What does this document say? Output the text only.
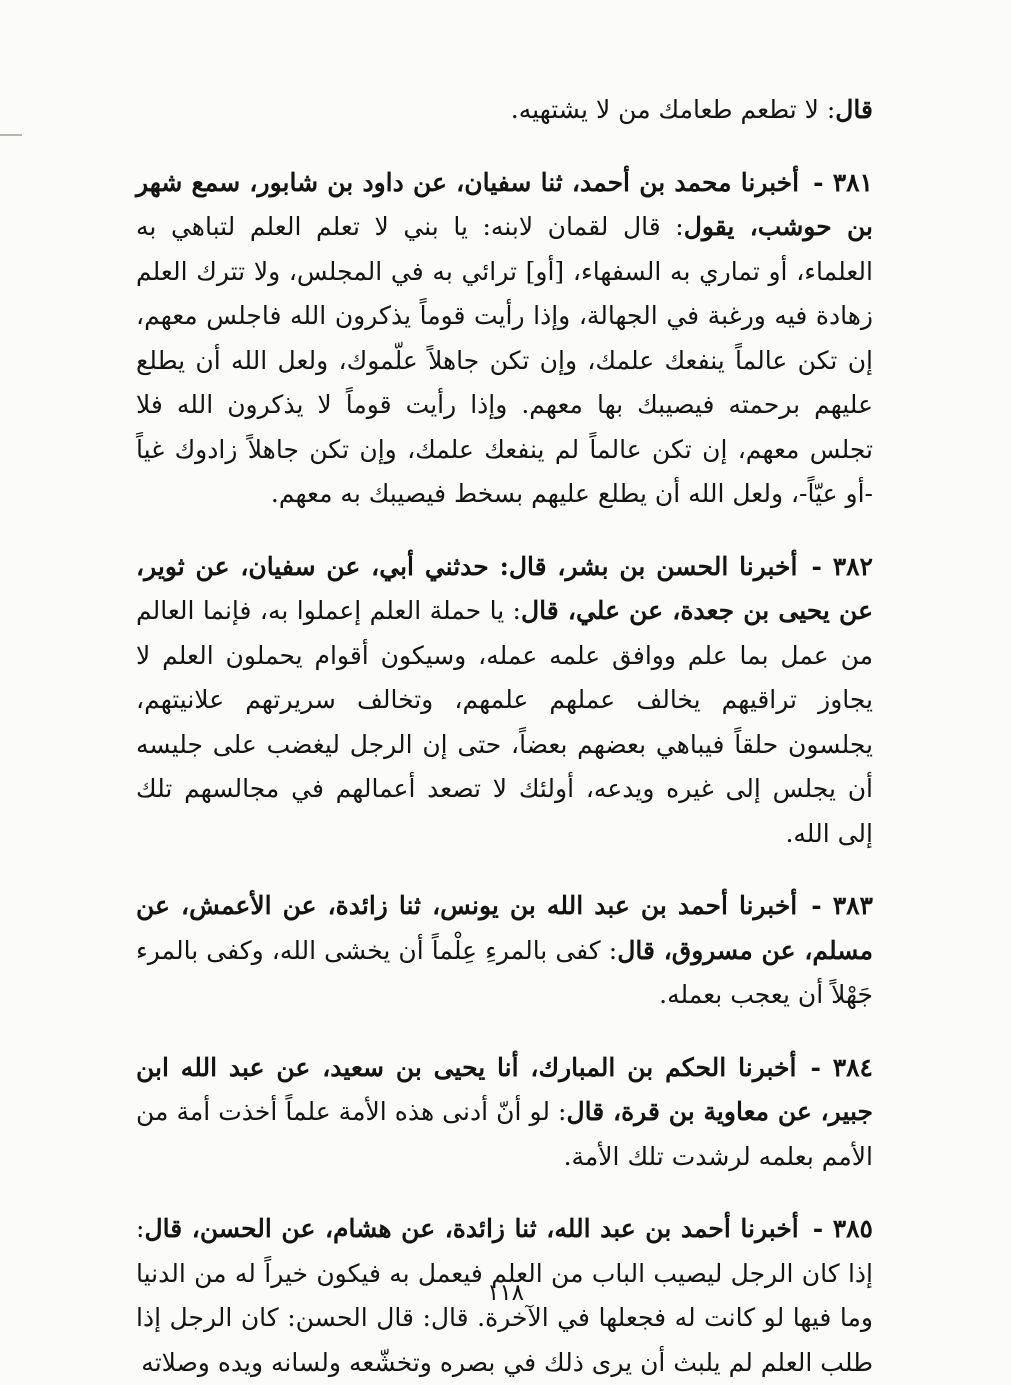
قال: لا تطعم طعامك من لا يشتهيه.

٣٨١ -أخبرنا محمد بن أحمد، ثنا سفيان، عن داود بن شابور، سمع شهر بن حوشب، يقول: قال لقمان لابنه: يا بني لا تعلم العلم لتباهي به العلماء، أو تماري به السفهاء، [أو] ترائي به في المجلس، ولا تترك العلم زهادة فيه ورغبة في الجهالة، وإذا رأيت قوماً يذكرون الله فاجلس معهم، إن تكن عالماً ينفعك علمك، وإن تكن جاهلاً علّموك، ولعل الله أن يطلع عليهم برحمته فيصيبك بها معهم. وإذا رأيت قوماً لا يذكرون الله فلا تجلس معهم، إن تكن عالماً لم ينفعك علمك، وإن تكن جاهلاً زادوك غياً -أو عيّاً-، ولعل الله أن يطلع عليهم بسخط فيصيبك به معهم.

٣٨٢ -أخبرنا الحسن بن بشر، قال: حدثني أبي، عن سفيان، عن ثوير، عن يحيى بن جعدة، عن علي، قال: يا حملة العلم إعملوا به، فإنما العالم من عمل بما علم ووافق علمه عمله، وسيكون أقوام يحملون العلم لا يجاوز تراقيهم يخالف عملهم علمهم، وتخالف سريرتهم علانيتهم، يجلسون حلقاً فيباهي بعضهم بعضاً، حتى إن الرجل ليغضب على جليسه أن يجلس إلى غيره ويدعه، أولئك لا تصعد أعمالهم في مجالسهم تلك إلى الله.

٣٨٣ -أخبرنا أحمد بن عبد الله بن يونس، ثنا زائدة، عن الأعمش، عن مسلم، عن مسروق، قال: كفى بالمرءِ عِلْماً أن يخشى الله، وكفى بالمرء جَهْلاً أن يعجب بعمله.

٣٨٤ -أخبرنا الحكم بن المبارك، أنا يحيى بن سعيد، عن عبد الله ابن جبير، عن معاوية بن قرة، قال: لو أنّ أدنى هذه الأمة علماً أخذت أمة من الأمم بعلمه لرشدت تلك الأمة.

٣٨٥ -أخبرنا أحمد بن عبد الله، ثنا زائدة، عن هشام، عن الحسن، قال: إذا كان الرجل ليصيب الباب من العلم فيعمل به فيكون خيراً له من الدنيا وما فيها لو كانت له فجعلها في الآخرة. قال: قال الحسن: كان الرجل إذا طلب العلم لم يلبث أن يرى ذلك في بصره وتخشّعه ولسانه ويده وصلاته

١١٨
